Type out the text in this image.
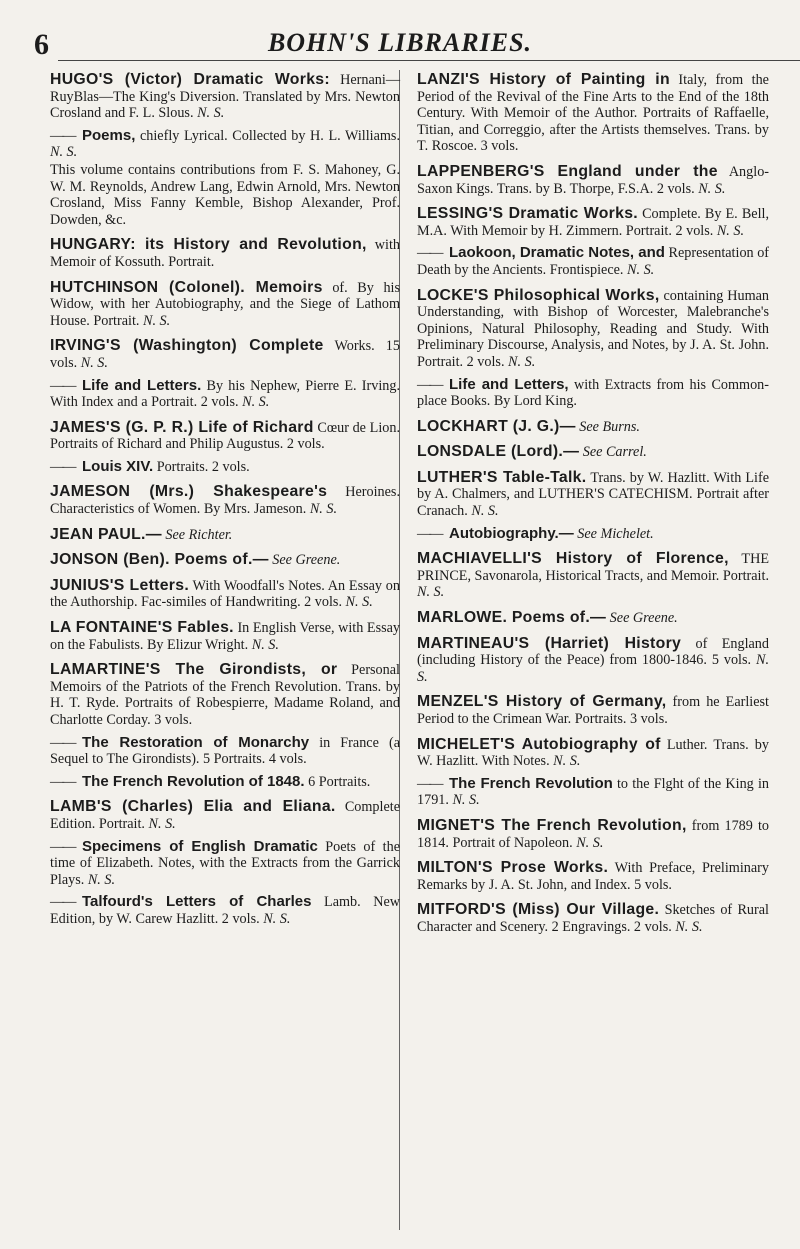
6	BOHN'S LIBRARIES.
HUGO'S (Victor) Dramatic Works: Hernani—RuyBlas—The King's Diversion. Translated by Mrs. Newton Crosland and F. L. Slous. N. S.
——Poems, chiefly Lyrical. Collected by H. L. Williams. N. S.
This volume contains contributions from F. S. Mahoney, G. W. M. Reynolds, Andrew Lang, Edwin Arnold, Mrs. Newton Crosland, Miss Fanny Kemble, Bishop Alexander, Prof. Dowden, &c.
HUNGARY: its History and Revolution, with Memoir of Kossuth. Portrait.
HUTCHINSON (Colonel). Memoirs of. By his Widow, with her Autobiography, and the Siege of Lathom House. Portrait. N. S.
IRVING'S (Washington) Complete Works. 15 vols. N. S.
——Life and Letters. By his Nephew, Pierre E. Irving. With Index and a Portrait. 2 vols. N. S.
JAMES'S (G. P. R.) Life of Richard Cœur de Lion. Portraits of Richard and Philip Augustus. 2 vols.
——Louis XIV. Portraits. 2 vols.
JAMESON (Mrs.) Shakespeare's Heroines. Characteristics of Women. By Mrs. Jameson. N. S.
JEAN PAUL.— See Richter.
JONSON (Ben). Poems of.— See Greene.
JUNIUS'S Letters. With Woodfall's Notes. An Essay on the Authorship. Fac-similes of Handwriting. 2 vols. N. S.
LA FONTAINE'S Fables. In English Verse, with Essay on the Fabulists. By Elizur Wright. N. S.
LAMARTINE'S The Girondists, or Personal Memoirs of the Patriots of the French Revolution. Trans. by H. T. Ryde. Portraits of Robespierre, Madame Roland, and Charlotte Corday. 3 vols.
——The Restoration of Monarchy in France (a Sequel to The Girondists). 5 Portraits. 4 vols.
——The French Revolution of 1848. 6 Portraits.
LAMB'S (Charles) Elia and Eliana. Complete Edition. Portrait. N. S.
——Specimens of English Dramatic Poets of the time of Elizabeth. Notes, with the Extracts from the Garrick Plays. N. S.
——Talfourd's Letters of Charles Lamb. New Edition, by W. Carew Hazlitt. 2 vols. N. S.
LANZI'S History of Painting in Italy, from the Period of the Revival of the Fine Arts to the End of the 18th Century. With Memoir of the Author. Portraits of Raffaelle, Titian, and Correggio, after the Artists themselves. Trans. by T. Roscoe. 3 vols.
LAPPENBERG'S England under the Anglo-Saxon Kings. Trans. by B. Thorpe, F.S.A. 2 vols. N. S.
LESSING'S Dramatic Works. Complete. By E. Bell, M.A. With Memoir by H. Zimmern. Portrait. 2 vols. N. S.
——Laokoon, Dramatic Notes, and Representation of Death by the Ancients. Frontispiece. N. S.
LOCKE'S Philosophical Works, containing Human Understanding, with Bishop of Worcester, Malebranche's Opinions, Natural Philosophy, Reading and Study. With Preliminary Discourse, Analysis, and Notes, by J. A. St. John. Portrait. 2 vols. N. S.
——Life and Letters, with Extracts from his Common-place Books. By Lord King.
LOCKHART (J. G.)— See Burns.
LONSDALE (Lord).— See Carrel.
LUTHER'S Table-Talk. Trans. by W. Hazlitt. With Life by A. Chalmers, and LUTHER'S CATECHISM. Portrait after Cranach. N. S.
——Autobiography.— See Michelet.
MACHIAVELLI'S History of Florence, THE PRINCE, Savonarola, Historical Tracts, and Memoir. Portrait. N. S.
MARLOWE. Poems of.— See Greene.
MARTINEAU'S (Harriet) History of England (including History of the Peace) from 1800-1846. 5 vols. N. S.
MENZEL'S History of Germany, from he Earliest Period to the Crimean War. Portraits. 3 vols.
MICHELET'S Autobiography of Luther. Trans. by W. Hazlitt. With Notes. N. S.
——The French Revolution to the Flght of the King in 1791. N. S.
MIGNET'S The French Revolution, from 1789 to 1814. Portrait of Napoleon. N. S.
MILTON'S Prose Works. With Preface, Preliminary Remarks by J. A. St. John, and Index. 5 vols.
MITFORD'S (Miss) Our Village. Sketches of Rural Character and Scenery. 2 Engravings. 2 vols. N. S.
